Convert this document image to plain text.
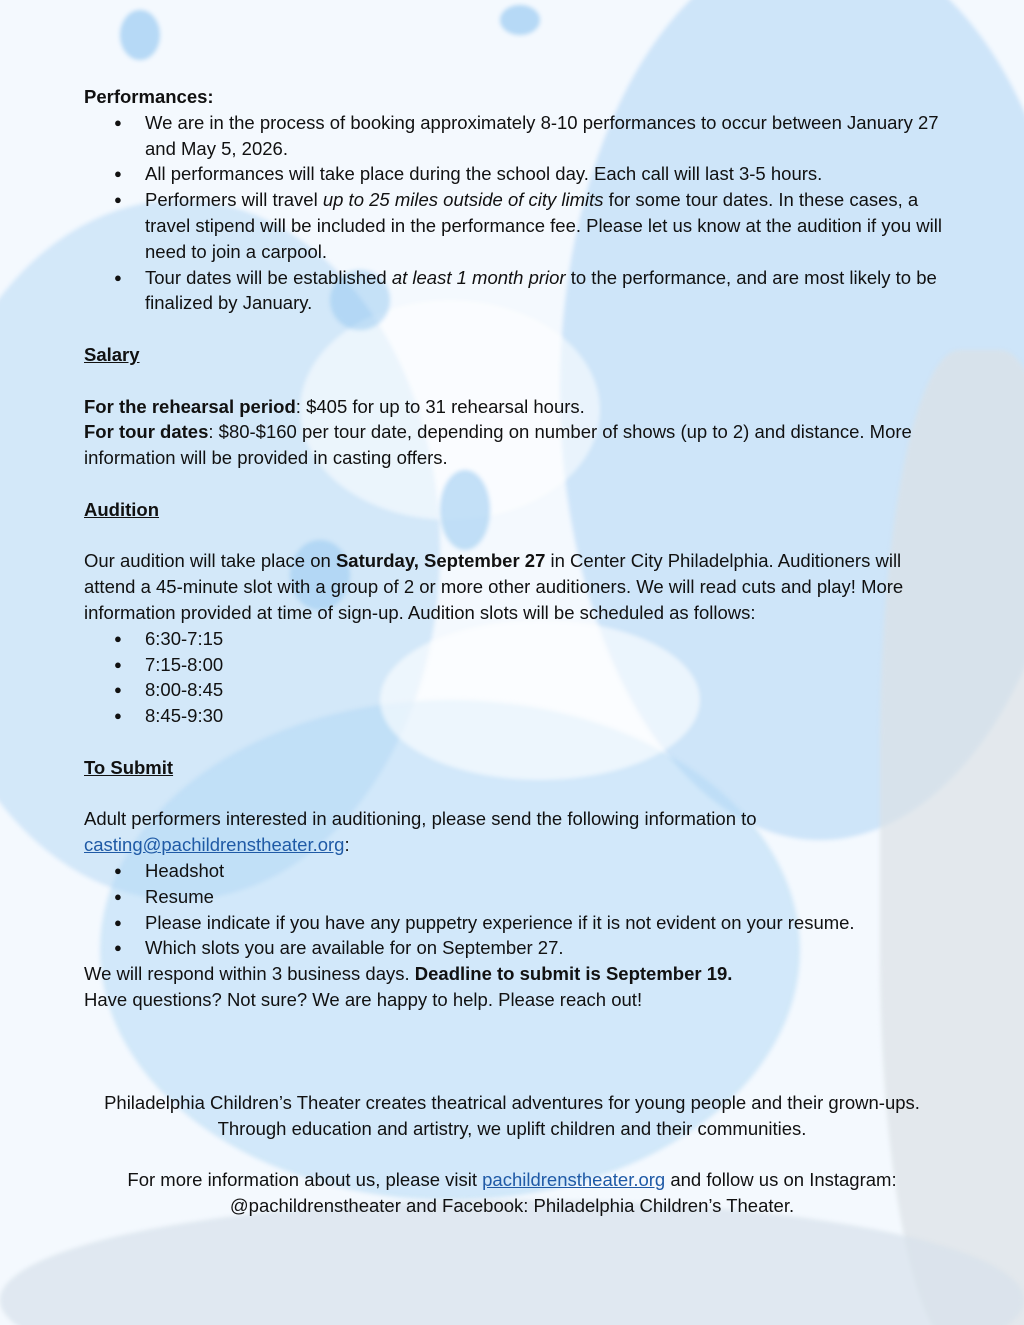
Performances:

● We are in the process of booking approximately 8-10 performances to occur between January 27 and May 5, 2026.
● All performances will take place during the school day. Each call will last 3-5 hours.
● Performers will travel up to 25 miles outside of city limits for some tour dates. In these cases, a travel stipend will be included in the performance fee. Please let us know at the audition if you will need to join a carpool.
● Tour dates will be established at least 1 month prior to the performance, and are most likely to be finalized by January.

Salary

For the rehearsal period: $405 for up to 31 rehearsal hours.

For tour dates: $80-$160 per tour date, depending on number of shows (up to 2) and distance. More information will be provided in casting offers.

Audition

Our audition will take place on Saturday, September 27 in Center City Philadelphia. Auditioners will attend a 45-minute slot with a group of 2 or more other auditioners. We will read cuts and play! More information provided at time of sign-up. Audition slots will be scheduled as follows:

● 6:30-7:15
● 7:15-8:00
● 8:00-8:45
● 8:45-9:30

To Submit

Adult performers interested in auditioning, please send the following information to casting@pachildrenstheater.org:

● Headshot
● Resume
● Please indicate if you have any puppetry experience if it is not evident on your resume.
● Which slots you are available for on September 27.

We will respond within 3 business days. Deadline to submit is September 19.

Have questions? Not sure? We are happy to help. Please reach out!

Philadelphia Children’s Theater creates theatrical adventures for young people and their grown-ups. Through education and artistry, we uplift children and their communities.

For more information about us, please visit pachildrenstheater.org and follow us on Instagram: @pachildrenstheater and Facebook: Philadelphia Children’s Theater.
